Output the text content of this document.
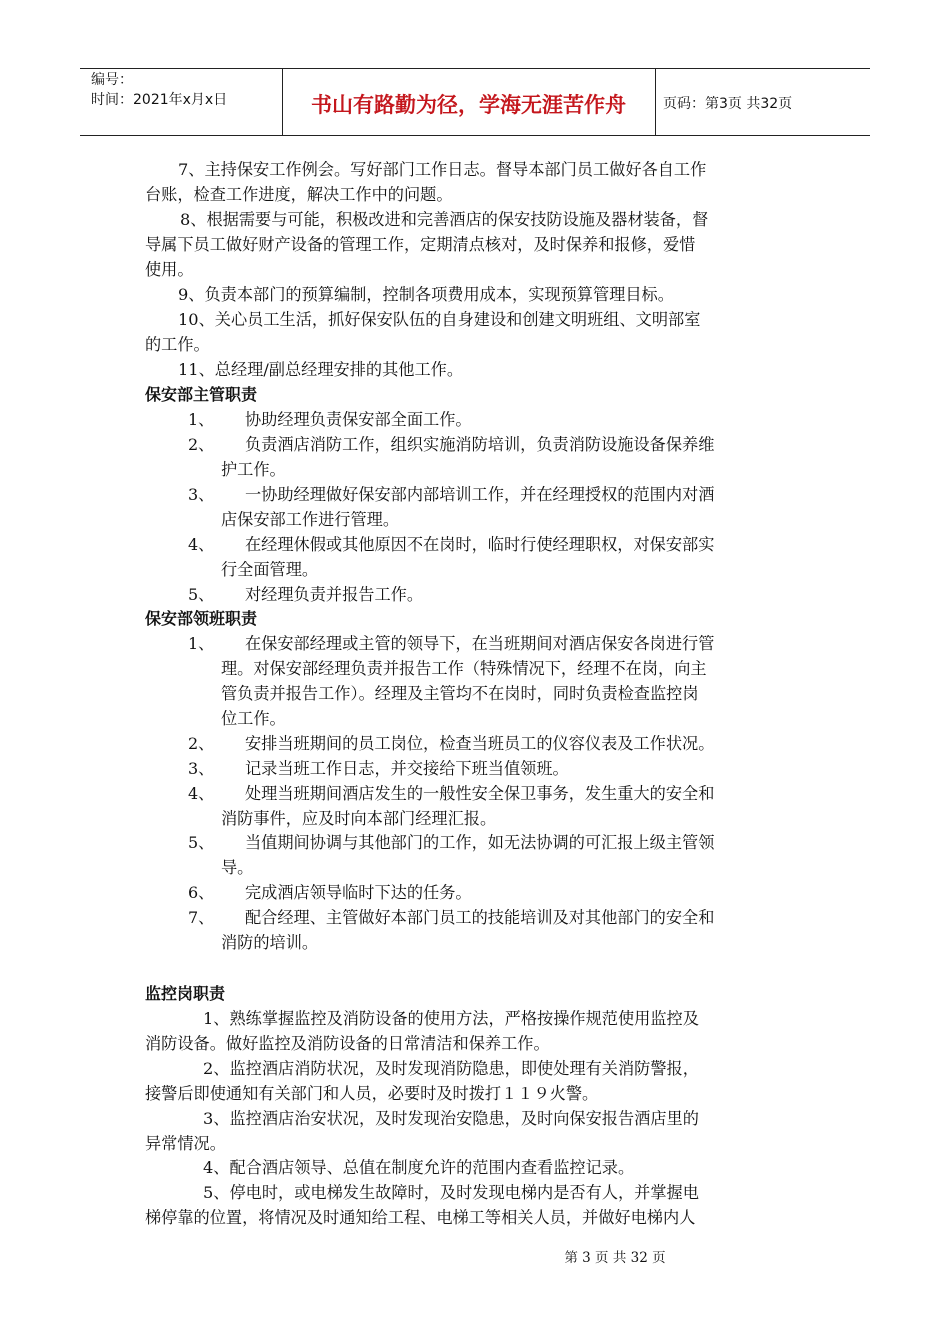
编号：
时间：2021年x月x日	书山有路勤为径，学海无涯苦作舟	页码：第3页 共32页
7、主持保安工作例会。写好部门工作日志。督导本部门员工做好各自工作
台账，检查工作进度，解决工作中的问题。
8、根据需要与可能，积极改进和完善酒店的保安技防设施及器材装备，督
导属下员工做好财产设备的管理工作，定期清点核对，及时保养和报修，爱惜
使用。
9、负责本部门的预算编制，控制各项费用成本，实现预算管理目标。
10、关心员工生活，抓好保安队伍的自身建设和创建文明班组、文明部室
的工作。
11、总经理/副总经理安排的其他工作。
保安部主管职责
1、 协助经理负责保安部全面工作。
2、 负责酒店消防工作，组织实施消防培训，负责消防设施设备保养维
护工作。
3、 一协助经理做好保安部内部培训工作，并在经理授权的范围内对酒
店保安部工作进行管理。
4、 在经理休假或其他原因不在岗时，临时行使经理职权，对保安部实
行全面管理。
5、 对经理负责并报告工作。
保安部领班职责
1、 在保安部经理或主管的领导下，在当班期间对酒店保安各岗进行管
理。对保安部经理负责并报告工作（特殊情况下，经理不在岗，向主
管负责并报告工作）。经理及主管均不在岗时，同时负责检查监控岗
位工作。
2、 安排当班期间的员工岗位，检查当班员工的仪容仪表及工作状况。
3、 记录当班工作日志，并交接给下班当值领班。
4、 处理当班期间酒店发生的一般性安全保卫事务，发生重大的安全和
消防事件，应及时向本部门经理汇报。
5、 当值期间协调与其他部门的工作，如无法协调的可汇报上级主管领
导。
6、 完成酒店领导临时下达的任务。
7、 配合经理、主管做好本部门员工的技能培训及对其他部门的安全和
消防的培训。
监控岗职责
1、熟练掌握监控及消防设备的使用方法，严格按操作规范使用监控及
消防设备。做好监控及消防设备的日常清洁和保养工作。
2、监控酒店消防状况，及时发现消防隐患，即使处理有关消防警报，
接警后即使通知有关部门和人员，必要时及时拨打１１９火警。
3、监控酒店治安状况，及时发现治安隐患，及时向保安报告酒店里的
异常情况。
4、配合酒店领导、总值在制度允许的范围内查看监控记录。
5、停电时，或电梯发生故障时，及时发现电梯内是否有人，并掌握电
梯停靠的位置，将情况及时通知给工程、电梯工等相关人员，并做好电梯内人
第 3 页 共 32 页
